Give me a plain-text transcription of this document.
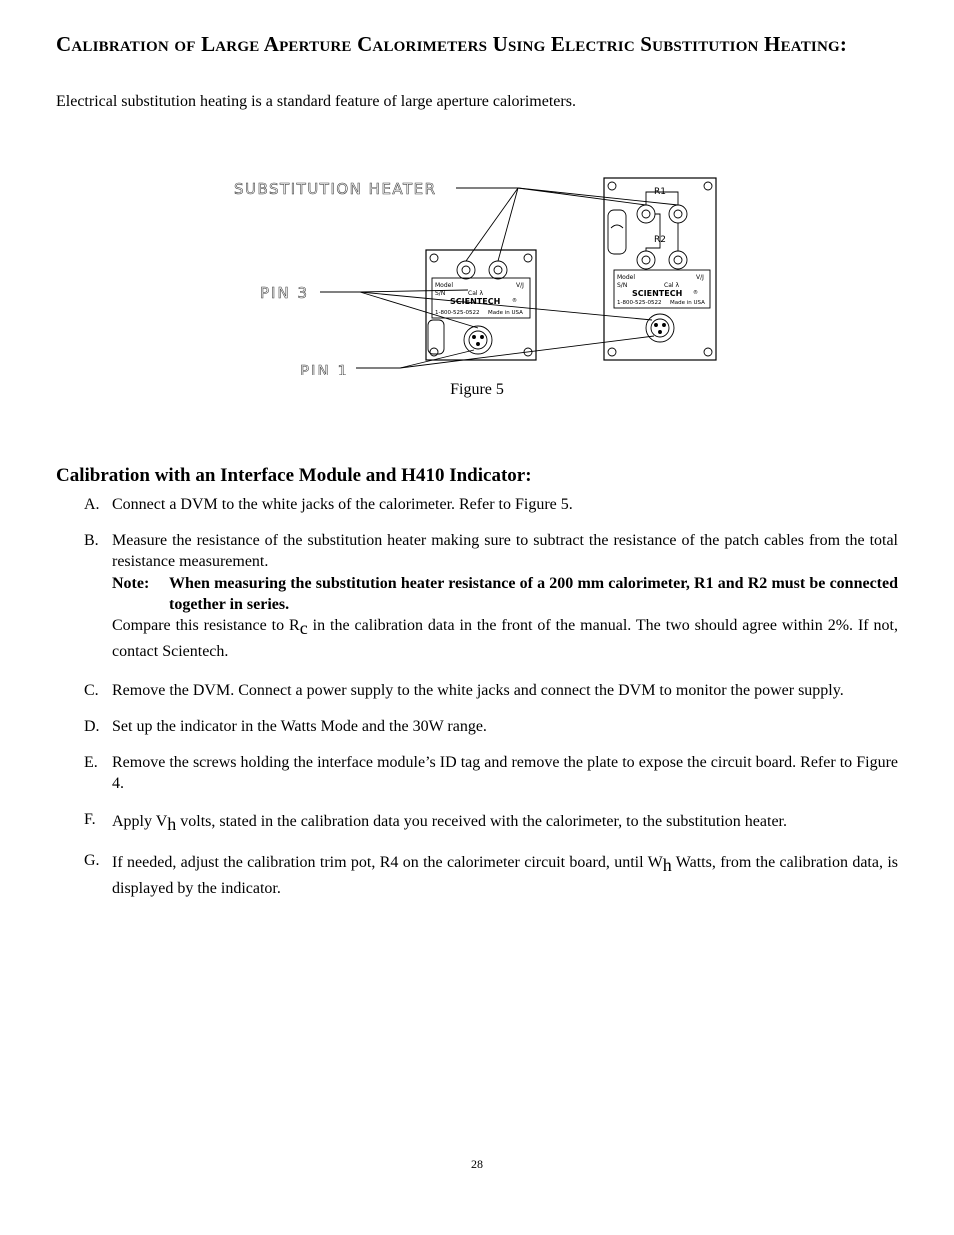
Calibration of Large Aperture Calorimeters Using Electric Substitution Heating:
Electrical substitution heating is a standard feature of large aperture calorimeters.
SUBSTITUTION HEATER
PIN 3
PIN 1
R1
R2
Model
S/N
V/J
Cal λ
SCIENTECH ®
1-800-525-0522 Made in USA
Model
S/N
V/J
Cal λ
SCIENTECH ®
1-800-525-0522 Made in USA
Figure 5
Calibration with an Interface Module and H410 Indicator:
A. Connect a DVM to the white jacks of the calorimeter. Refer to Figure 5.
B. Measure the resistance of the substitution heater making sure to subtract the resistance of the patch cables from the total resistance measurement.

Note:	When measuring the substitution heater resistance of a 200 mm calorimeter, R1 and R2 must be connected together in series.

Compare this resistance to $R_c$ in the calibration data in the front of the manual. The two should agree within 2%. If not, contact Scientech.

C. Remove the DVM. Connect a power supply to the white jacks and connect the DVM to monitor the power supply.
D. Set up the indicator in the Watts Mode and the 30W range.
E. Remove the screws holding the interface module’s ID tag and remove the plate to expose the circuit board. Refer to Figure 4.
F.	Apply $V_h$ volts, stated in the calibration data you received with the calorimeter, to the substitution heater.
G. If needed, adjust the calibration trim pot, R4 on the calorimeter circuit board, until $W_h$ Watts, from the calibration data, is displayed by the indicator.
28
